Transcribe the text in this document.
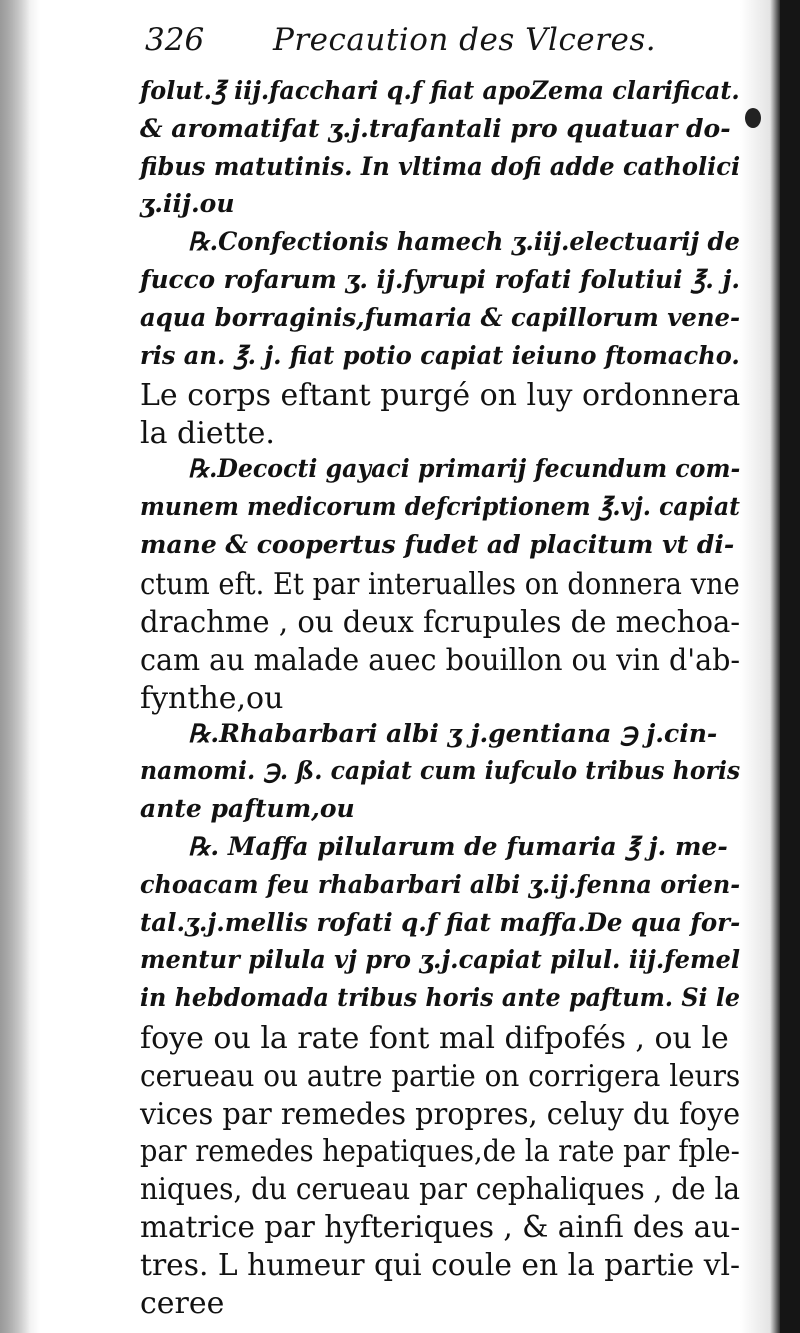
326 Precaution des Vlceres.
folut.℥ iij.facchari q.f fiat apoZema clarificat.
& aromatifat ʒ.j.trafantali pro quatuar do-
fibus matutinis. In vltima dofi adde catholici
ʒ.iij.ou
℞.Confectionis hamech ʒ.iij.electuarij de
fucco rofarum ʒ. ij.fyrupi rofati folutiui ℥. j.
aqua borraginis,fumaria & capillorum vene-
ris an. ℥. j. fiat potio capiat ieiuno ftomacho.
Le corps eftant purgé on luy ordonnera
la diette.
℞.Decocti gayaci primarij fecundum com-
munem medicorum defcriptionem ℥.vj. capiat
mane & coopertus fudet ad placitum vt di-
ctum eft. Et par interualles on donnera vne
drachme , ou deux fcrupules de mechoa-
cam au malade auec bouillon ou vin d'ab-
fynthe,ou
℞.Rhabarbari albi ʒ j.gentiana ℈ j.cin-
namomi. ℈. ß. capiat cum iufculo tribus horis
ante paftum,ou
℞. Maffa pilularum de fumaria ℥ j. me-
choacam feu rhabarbari albi ʒ.ij.fenna orien-
tal.ʒ.j.mellis rofati q.f fiat maffa.De qua for-
mentur pilula vj pro ʒ.j.capiat pilul. iij.femel
in hebdomada tribus horis ante paftum. Si le
foye ou la rate font mal difpofés , ou le
cerueau ou autre partie on corrigera leurs
vices par remedes propres, celuy du foye
par remedes hepatiques,de la rate par fple-
niques, du cerueau par cephaliques , de la
matrice par hyfteriques , & ainfi des au-
tres. L humeur qui coule en la partie vl-
ceree
